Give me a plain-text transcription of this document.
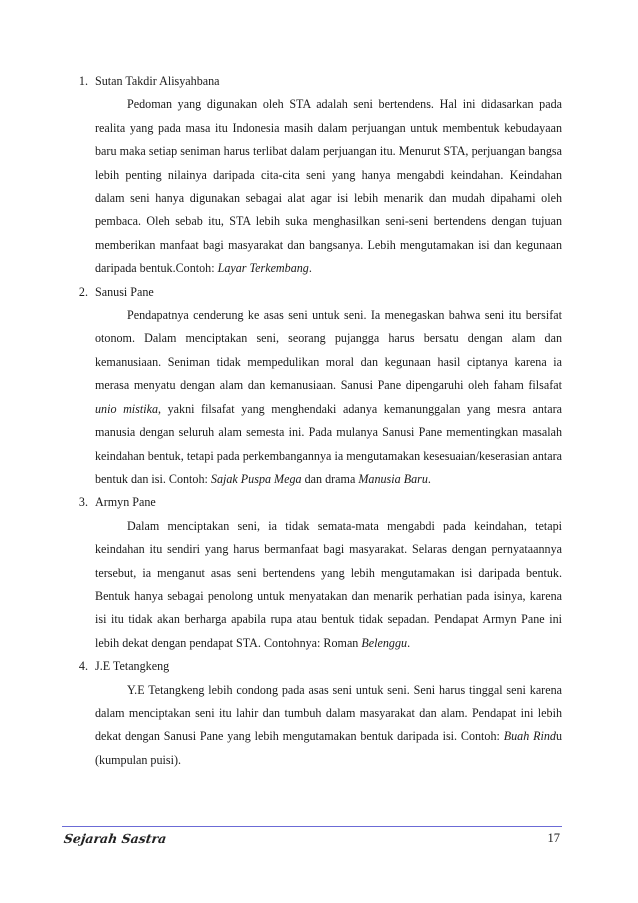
1. Sutan Takdir Alisyahbana
Pedoman yang digunakan oleh STA adalah seni bertendens. Hal ini didasarkan pada realita yang pada masa itu Indonesia masih dalam perjuangan untuk membentuk kebudayaan baru maka setiap seniman harus terlibat dalam perjuangan itu. Menurut STA, perjuangan bangsa lebih penting nilainya daripada cita-cita seni yang hanya mengabdi keindahan. Keindahan dalam seni hanya digunakan sebagai alat agar isi lebih menarik dan mudah dipahami oleh pembaca. Oleh sebab itu, STA lebih suka menghasilkan seni-seni bertendens dengan tujuan memberikan manfaat bagi masyarakat dan bangsanya. Lebih mengutamakan isi dan kegunaan daripada bentuk.Contoh: Layar Terkembang.
2. Sanusi Pane
Pendapatnya cenderung ke asas seni untuk seni. Ia menegaskan bahwa seni itu bersifat otonom. Dalam menciptakan seni, seorang pujangga harus bersatu dengan alam dan kemanusiaan. Seniman tidak mempedulikan moral dan kegunaan hasil ciptanya karena ia merasa menyatu dengan alam dan kemanusiaan. Sanusi Pane dipengaruhi oleh faham filsafat unio mistika, yakni filsafat yang menghendaki adanya kemanunggalan yang mesra antara manusia dengan seluruh alam semesta ini. Pada mulanya Sanusi Pane mementingkan masalah keindahan bentuk, tetapi pada perkembangannya ia mengutamakan kesesuaian/keserasian antara bentuk dan isi. Contoh: Sajak Puspa Mega dan drama Manusia Baru.
3. Armyn Pane
Dalam menciptakan seni, ia tidak semata-mata mengabdi pada keindahan, tetapi keindahan itu sendiri yang harus bermanfaat bagi masyarakat. Selaras dengan pernyataannya tersebut, ia menganut asas seni bertendens yang lebih mengutamakan isi daripada bentuk. Bentuk hanya sebagai penolong untuk menyatakan dan menarik perhatian pada isinya, karena isi itu tidak akan berharga apabila rupa atau bentuk tidak sepadan. Pendapat Armyn Pane ini lebih dekat dengan pendapat STA. Contohnya: Roman Belenggu.
4. J.E Tetangkeng
Y.E Tetangkeng lebih condong pada asas seni untuk seni. Seni harus tinggal seni karena dalam menciptakan seni itu lahir dan tumbuh dalam masyarakat dan alam. Pendapat ini lebih dekat dengan Sanusi Pane yang lebih mengutamakan bentuk daripada isi. Contoh: Buah Rindu (kumpulan puisi).
Sejarah Sastra	17
